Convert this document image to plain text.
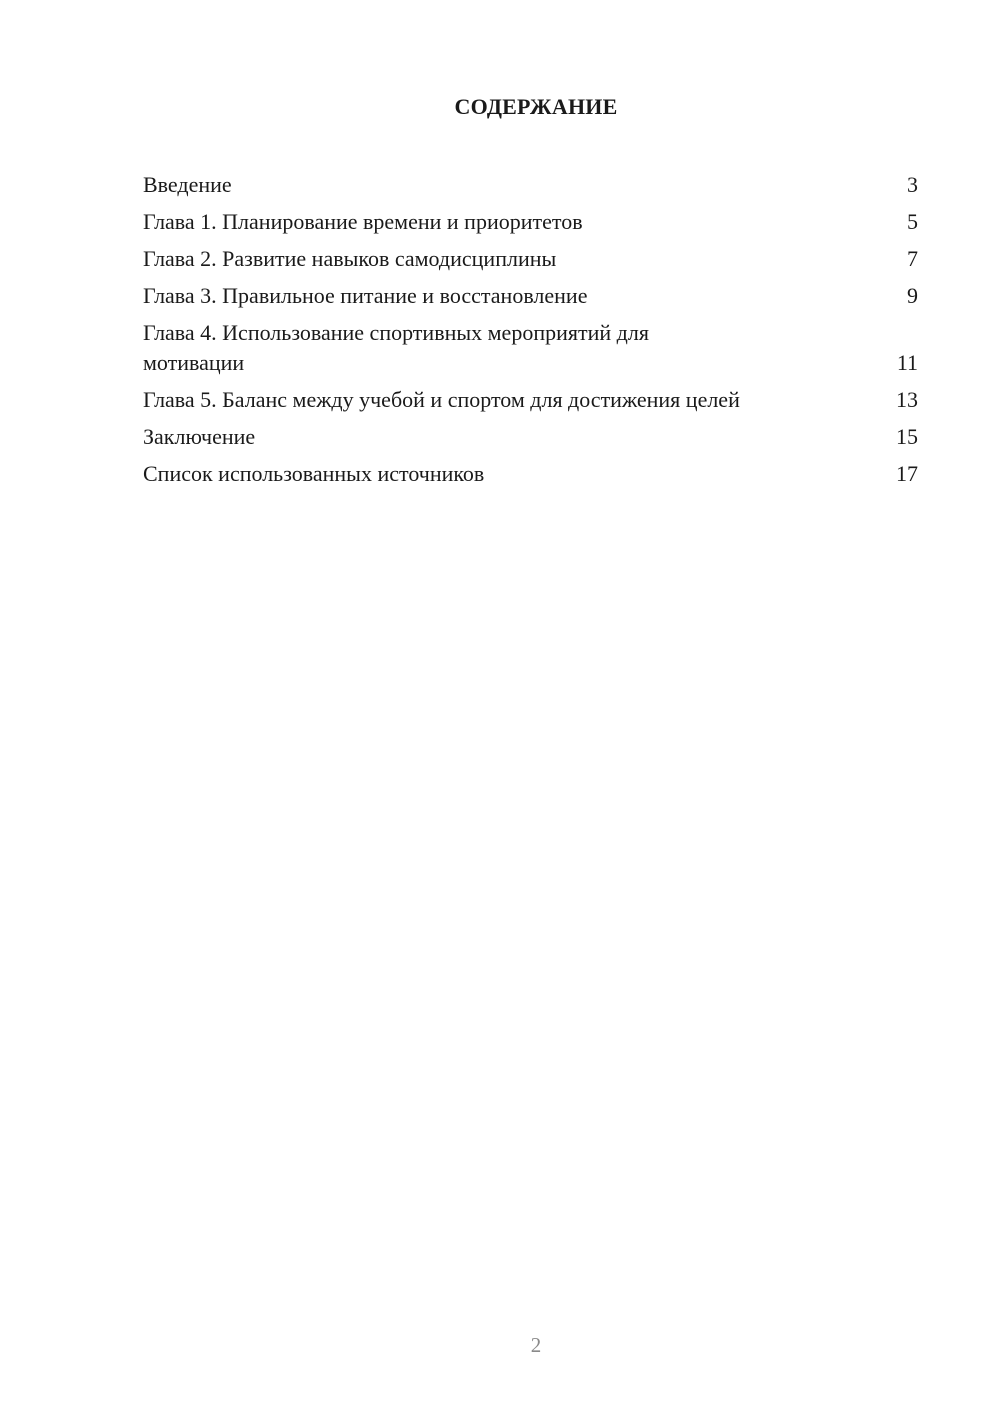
СОДЕРЖАНИЕ
Введение	3
Глава 1. Планирование времени и приоритетов	5
Глава 2. Развитие навыков самодисциплины	7
Глава 3. Правильное питание и восстановление	9
Глава 4. Использование спортивных мероприятий для мотивации	11
Глава 5. Баланс между учебой и спортом для достижения целей	13
Заключение	15
Список использованных источников	17
2
